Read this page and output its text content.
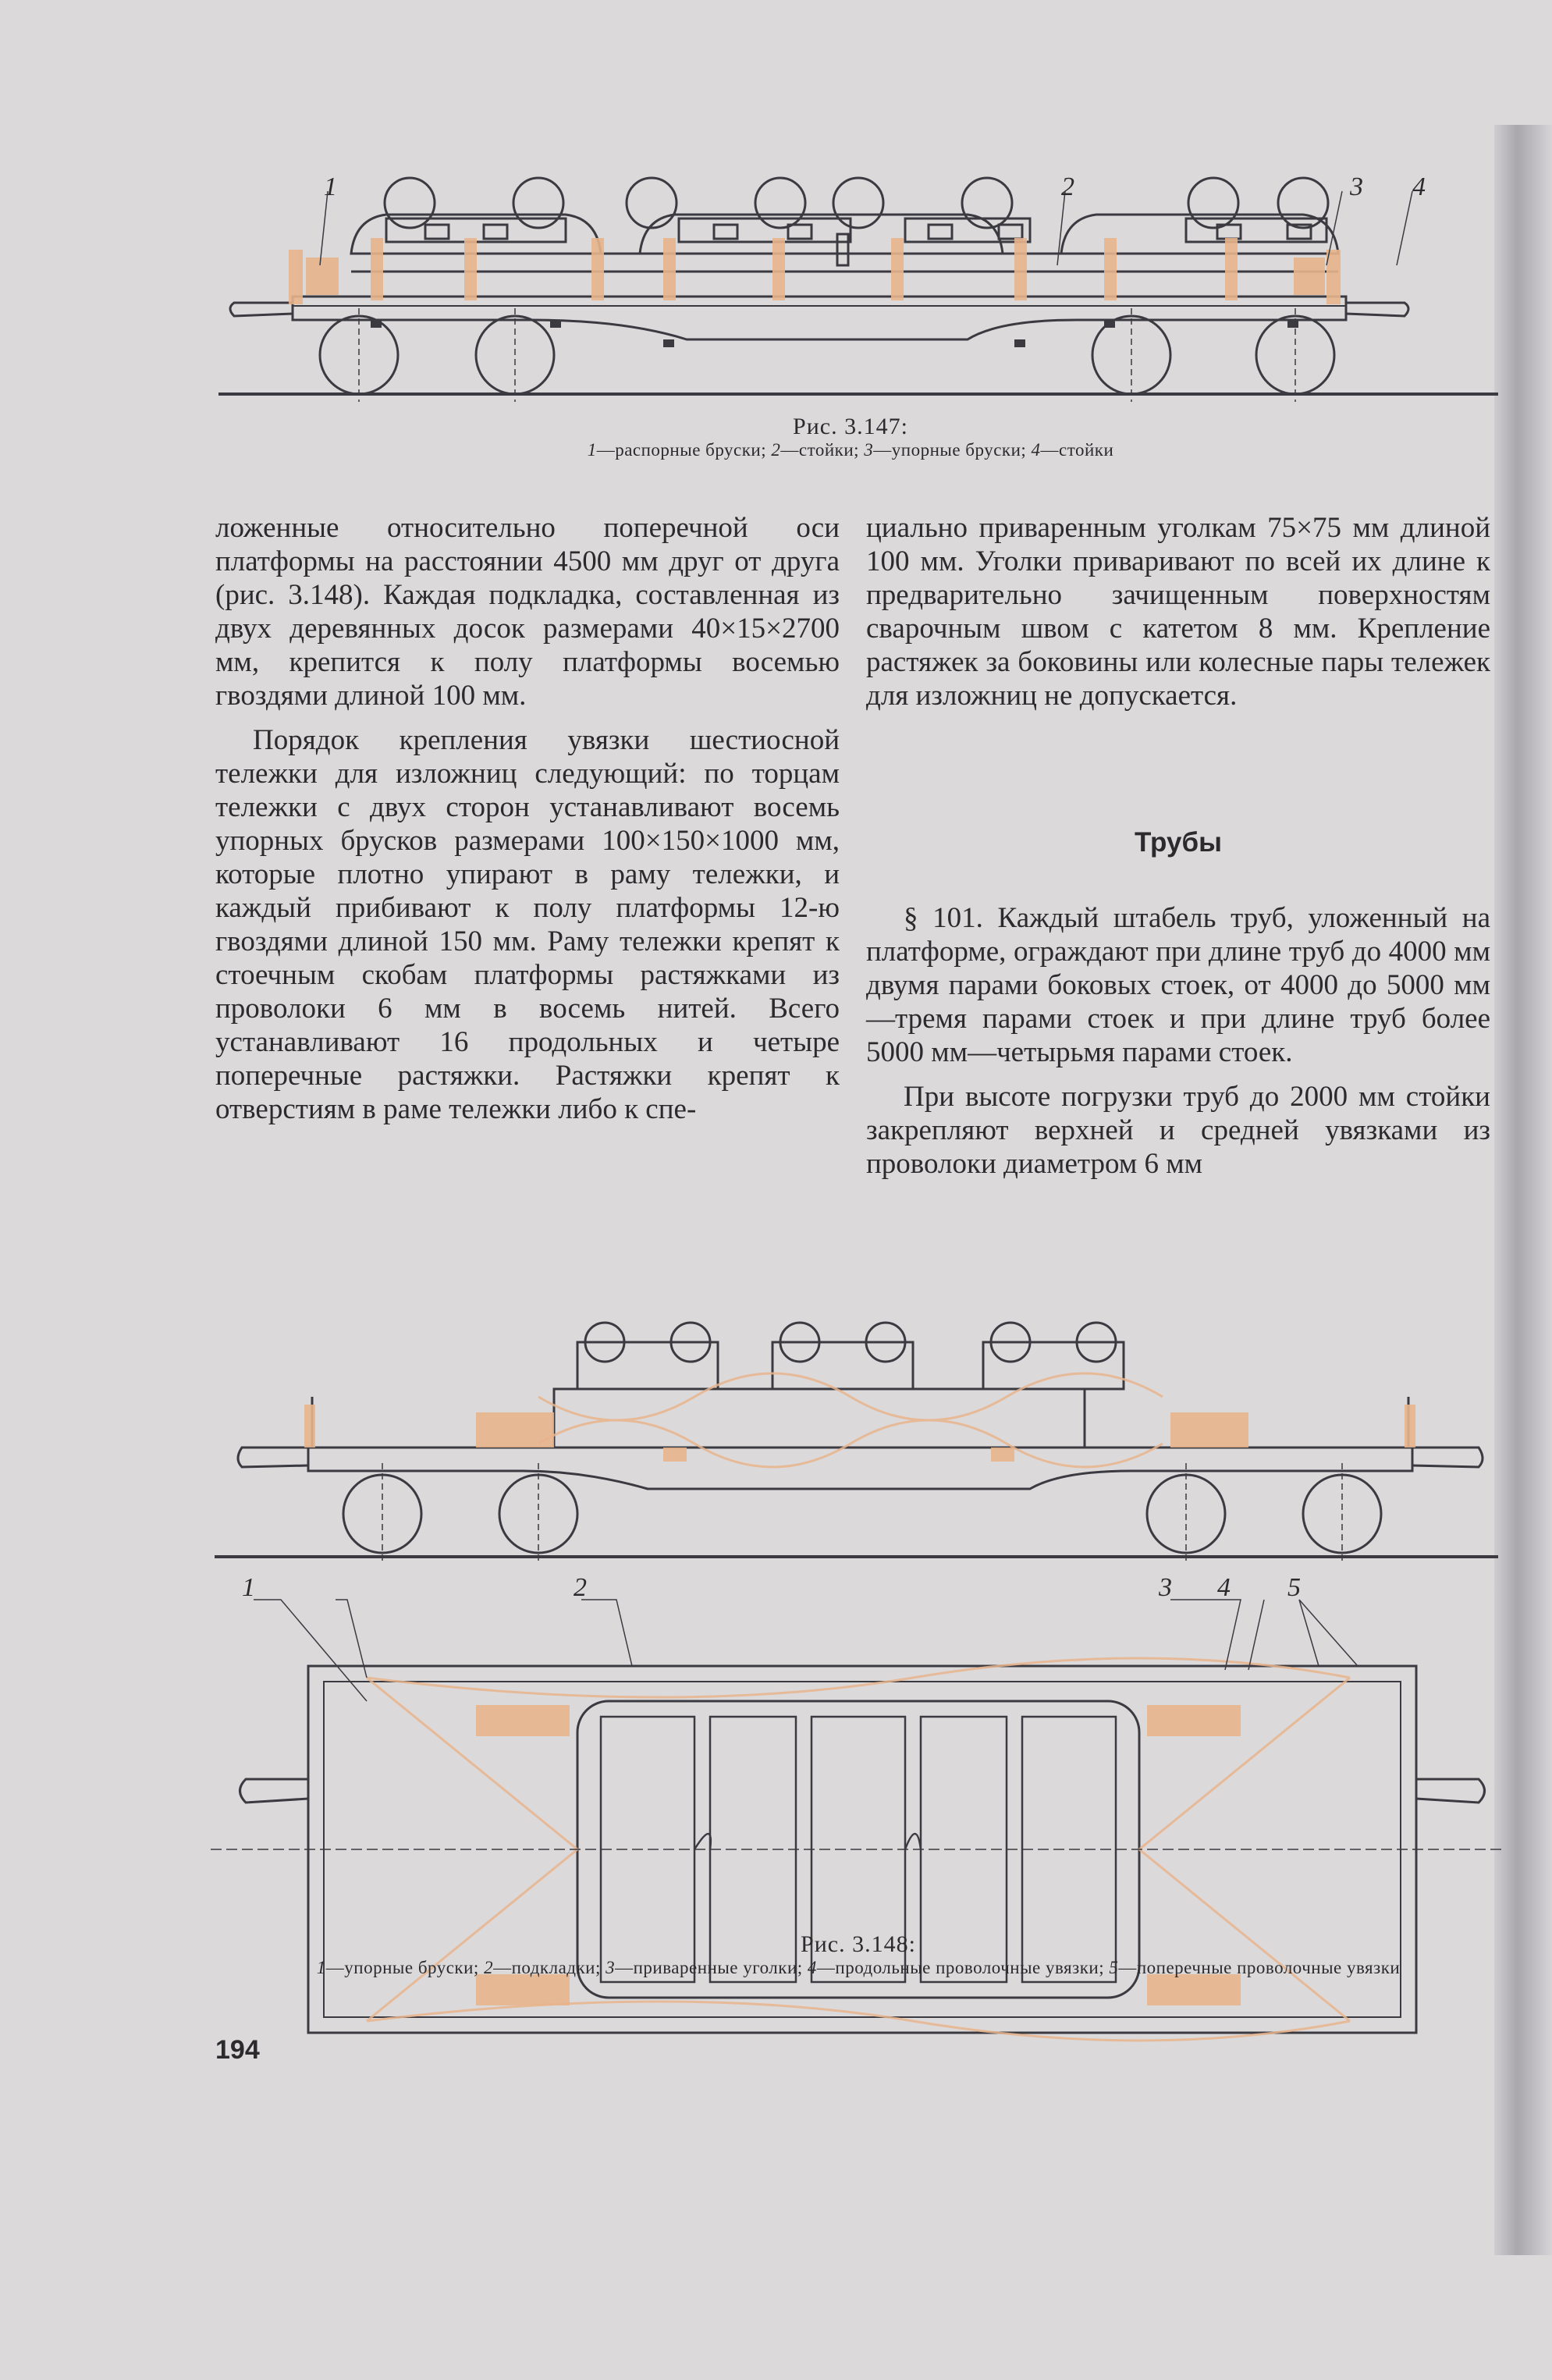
1	2	3 4
Рис. 3.147:
1—распорные бруски; 2—стойки; 3—упорные бруски; 4—стойки

ложенные относительно поперечной оси платформы на расстоянии 4500 мм друг от друга (рис. 3.148). Каждая подкладка, составленная из двух деревянных досок размерами 40×15×2700 мм, крепится к полу платформы восемью гвоздями длиной 100 мм.

Порядок крепления увязки шестиосной тележки для изложниц следующий: по торцам тележки с двух сторон устанавливают восемь упорных брусков размерами 100×150×1000 мм, которые плотно упирают в раму тележки, и каждый прибивают к полу платформы 12-ю гвоздями длиной 150 мм. Раму тележки крепят к стоечным скобам платформы растяжками из проволоки 6 мм в восемь нитей. Всего устанавливают 16 продольных и четыре поперечные растяжки. Растяжки крепят к отверстиям в раме тележки либо к спе-

циально приваренным уголкам 75×75 мм длиной 100 мм. Уголки приваривают по всей их длине к предварительно зачищенным поверхностям сварочным швом с катетом 8 мм. Крепление растяжек за боковины или колесные пары тележек для изложниц не допускается.

Трубы

§ 101. Каждый штабель труб, уложенный на платформе, ограждают при длине труб до 4000 мм двумя парами боковых стоек, от 4000 до 5000 мм—тремя парами стоек и при длине труб более 5000 мм—четырьмя парами стоек.

При высоте погрузки труб до 2000 мм стойки закрепляют верхней и средней увязками из проволоки диаметром 6 мм

1	2	3 4 5
Рис. 3.148:
1—упорные бруски; 2—подкладки; 3—приваренные уголки; 4—продольные проволочные увязки; 5—поперечные проволочные увязки
194
